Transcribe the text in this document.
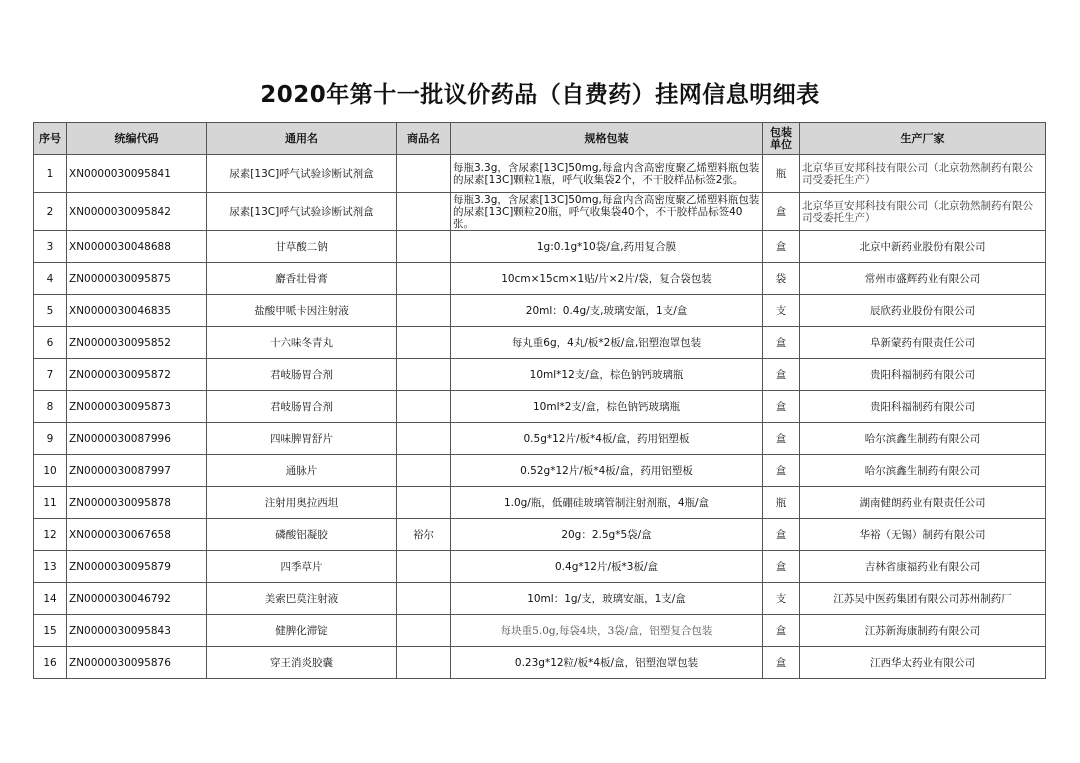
2020年第十一批议价药品（自费药）挂网信息明细表
序号	统编代码	通用名	商品名	规格包装	包装单位	生产厂家
1	XN0000030095841	尿素[13C]呼气试验诊断试剂盒		每瓶3.3g，含尿素[13C]50mg,每盒内含高密度聚乙烯塑料瓶包装的尿素[13C]颗粒1瓶，呼气收集袋2个，不干胶样品标签2张。	瓶	北京华亘安邦科技有限公司（北京勃然制药有限公司受委托生产）
2	XN0000030095842	尿素[13C]呼气试验诊断试剂盒		每瓶3.3g，含尿素[13C]50mg,每盒内含高密度聚乙烯塑料瓶包装的尿素[13C]颗粒20瓶，呼气收集袋40个，不干胶样品标签40张。	盒	北京华亘安邦科技有限公司（北京勃然制药有限公司受委托生产）
3	XN0000030048688	甘草酸二钠		1g:0.1g*10袋/盒,药用复合膜	盒	北京中新药业股份有限公司
4	ZN0000030095875	麝香壮骨膏		10cm×15cm×1贴/片×2片/袋，复合袋包装	袋	常州市盛辉药业有限公司
5	XN0000030046835	盐酸甲哌卡因注射液		20ml：0.4g/支,玻璃安瓿，1支/盒	支	辰欣药业股份有限公司
6	ZN0000030095852	十六味冬青丸		每丸重6g，4丸/板*2板/盒,铝塑泡罩包装	盒	阜新蒙药有限责任公司
7	ZN0000030095872	君岐肠胃合剂		10ml*12支/盒，棕色钠钙玻璃瓶	盒	贵阳科福制药有限公司
8	ZN0000030095873	君岐肠胃合剂		10ml*2支/盒，棕色钠钙玻璃瓶	盒	贵阳科福制药有限公司
9	ZN0000030087996	四味脾胃舒片		0.5g*12片/板*4板/盒，药用铝塑板	盒	哈尔滨鑫生制药有限公司
10	ZN0000030087997	通脉片		0.52g*12片/板*4板/盒，药用铝塑板	盒	哈尔滨鑫生制药有限公司
11	ZN0000030095878	注射用奥拉西坦		1.0g/瓶，低硼硅玻璃管制注射剂瓶，4瓶/盒	瓶	湖南健朗药业有限责任公司
12	XN0000030067658	磷酸铝凝胶	裕尔	20g：2.5g*5袋/盒	盒	华裕（无锡）制药有限公司
13	ZN0000030095879	四季草片		0.4g*12片/板*3板/盒	盒	吉林省康福药业有限公司
14	ZN0000030046792	美索巴莫注射液		10ml：1g/支，玻璃安瓿，1支/盒	支	江苏吴中医药集团有限公司苏州制药厂
15	ZN0000030095843	健脾化滞锭		每块重5.0g,每袋4块，3袋/盒，铝塑复合包装	盒	江苏新海康制药有限公司
16	ZN0000030095876	穿王消炎胶囊		0.23g*12粒/板*4板/盒，铝塑泡罩包装	盒	江西华太药业有限公司
